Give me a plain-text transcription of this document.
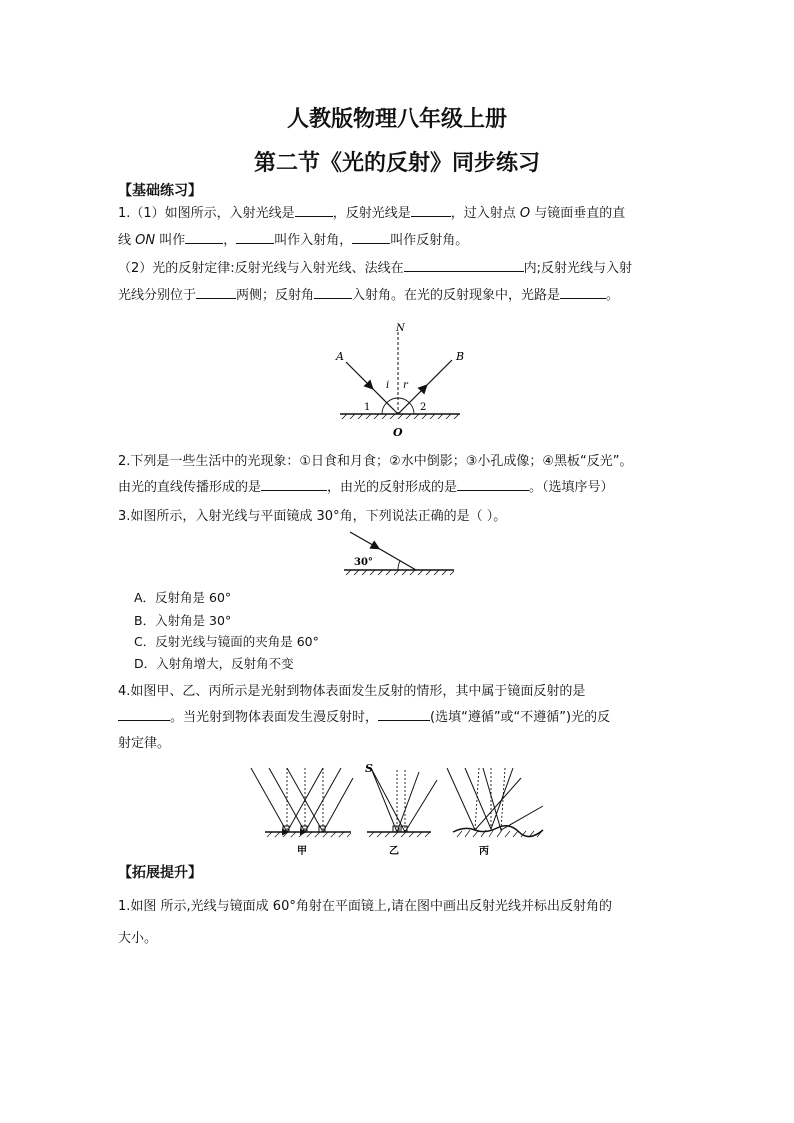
人教版物理八年级上册
第二节《光的反射》同步练习
【基础练习】
1.（1）如图所示，入射光线是	，反射光线是	，过入射点 O 与镜面垂直的直
线 ON 叫作	，	叫作入射角，	叫作反射角。
（2）光的反射定律:反射光线与入射光线、法线在	内;反射光线与入射
光线分别位于	两侧；反射角	入射角。在光的反射现象中，光路是	。
A	B
N
O
i r
1	2
2.下列是一些生活中的光现象：①日食和月食；②水中倒影；③小孔成像；④黑板“反光”。
由光的直线传播形成的是	，由光的反射形成的是	。（选填序号）
3.如图所示，入射光线与平面镜成 30°角，下列说法正确的是（ ）。
30°
A．反射角是 60°
B．入射角是 30°
C．反射光线与镜面的夹角是 60°
D．入射角增大，反射角不变
4.如图甲、乙、丙所示是光射到物体表面发生反射的情形，其中属于镜面反射的是
。当光射到物体表面发生漫反射时，	(选填“遵循”或“不遵循”)光的反
射定律。
甲
S
乙	丙
【拓展提升】
1.如图 所示,光线与镜面成 60°角射在平面镜上,请在图中画出反射光线并标出反射角的
大小。
